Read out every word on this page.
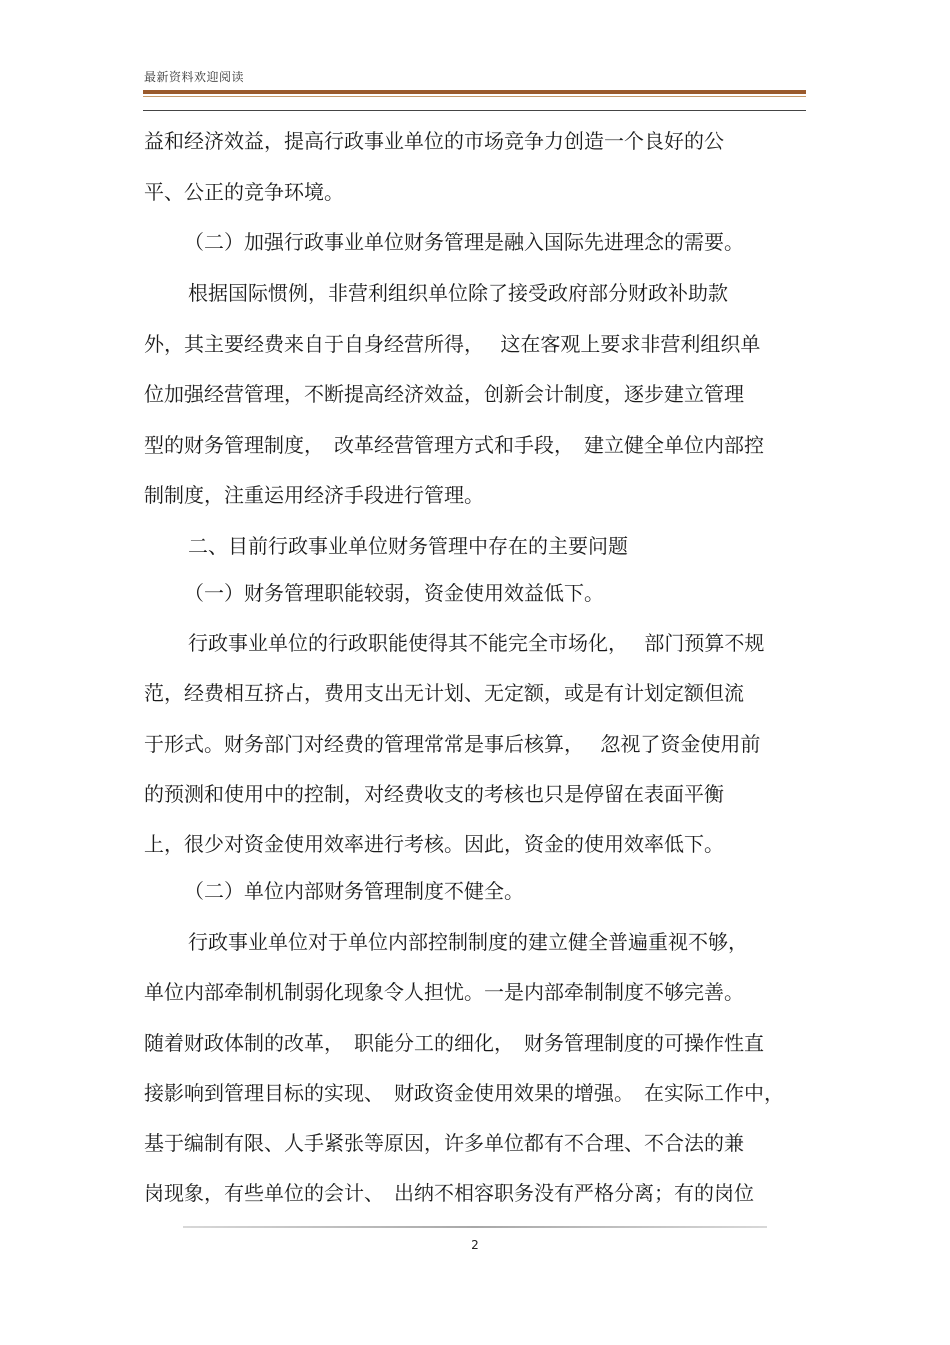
最新资料欢迎阅读
益和经济效益，提高行政事业单位的市场竞争力创造一个良好的公
平、公正的竞争环境。
（二）加强行政事业单位财务管理是融入国际先进理念的需要。
根据国际惯例，非营利组织单位除了接受政府部分财政补助款
外，其主要经费来自于自身经营所得，　 这在客观上要求非营利组织单
位加强经营管理，不断提高经济效益，创新会计制度，逐步建立管理
型的财务管理制度，　改革经营管理方式和手段，　建立健全单位内部控
制制度，注重运用经济手段进行管理。
二、目前行政事业单位财务管理中存在的主要问题
（一）财务管理职能较弱，资金使用效益低下。
行政事业单位的行政职能使得其不能完全市场化，　 部门预算不规
范，经费相互挤占，费用支出无计划、无定额，或是有计划定额但流
于形式。财务部门对经费的管理常常是事后核算，　 忽视了资金使用前
的预测和使用中的控制，对经费收支的考核也只是停留在表面平衡
上，很少对资金使用效率进行考核。因此，资金的使用效率低下。
（二）单位内部财务管理制度不健全。
行政事业单位对于单位内部控制制度的建立健全普遍重视不够，
单位内部牵制机制弱化现象令人担忧。一是内部牵制制度不够完善。
随着财政体制的改革，　职能分工的细化，　财务管理制度的可操作性直
接影响到管理目标的实现、　财政资金使用效果的增强。　在实际工作中，
基于编制有限、人手紧张等原因，许多单位都有不合理、不合法的兼
岗现象，有些单位的会计、　出纳不相容职务没有严格分离；有的岗位
2
